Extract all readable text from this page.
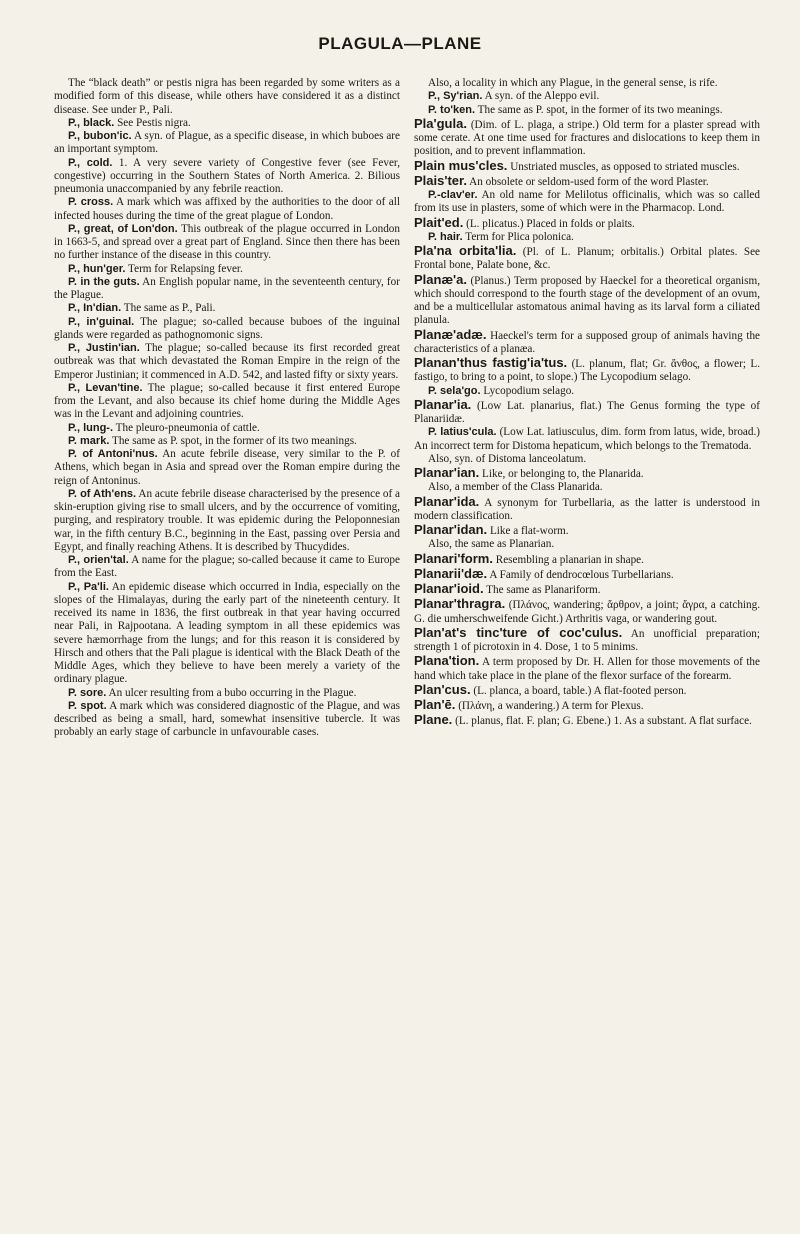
PLAGULA—PLANE

The “black death” or pestis nigra has been regarded by some writers as a modified form of this disease, while others have considered it as a distinct disease. See under P., Pali.

P., black. See Pestis nigra.

P., bubon'ic. A syn. of Plague, as a specific disease, in which buboes are an important symptom.

P., cold. 1. A very severe variety of Congestive fever (see Fever, congestive) occurring in the Southern States of North America. 2. Bilious pneumonia unaccompanied by any febrile reaction.

P. cross. A mark which was affixed by the authorities to the door of all infected houses during the time of the great plague of London.

P., great, of Lon'don. This outbreak of the plague occurred in London in 1663-5, and spread over a great part of England. Since then there has been no further instance of the disease in this country.

P., hun'ger. Term for Relapsing fever.

P. in the guts. An English popular name, in the seventeenth century, for the Plague.

P., In'dian. The same as P., Pali.

P., in'guinal. The plague; so-called because buboes of the inguinal glands were regarded as pathognomonic signs.

P., Justin'ian. The plague; so-called because its first recorded great outbreak was that which devastated the Roman Empire in the reign of the Emperor Justinian; it commenced in A.D. 542, and lasted fifty or sixty years.

P., Levan'tine. The plague; so-called because it first entered Europe from the Levant, and also because its chief home during the Middle Ages was in the Levant and adjoining countries.

P., lung-. The pleuro-pneumonia of cattle.

P. mark. The same as P. spot, in the former of its two meanings.

P. of Antoni'nus. An acute febrile disease, very similar to the P. of Athens, which began in Asia and spread over the Roman empire during the reign of Antoninus.

P. of Ath'ens. An acute febrile disease characterised by the presence of a skin-eruption giving rise to small ulcers, and by the occurrence of vomiting, purging, and respiratory trouble. It was epidemic during the Peloponnesian war, in the fifth century B.C., beginning in the East, passing over Persia and Egypt, and finally reaching Athens. It is described by Thucydides.

P., orien'tal. A name for the plague; so-called because it came to Europe from the East.

P., Pa'li. An epidemic disease which occurred in India, especially on the slopes of the Himalayas, during the early part of the nineteenth century. It received its name in 1836, the first outbreak in that year having occurred near Pali, in Rajpootana. A leading symptom in all these epidemics was severe hæmorrhage from the lungs; and for this reason it is considered by Hirsch and others that the Pali plague is identical with the Black Death of the Middle Ages, which they believe to have been merely a variety of the ordinary plague.

P. sore. An ulcer resulting from a bubo occurring in the Plague.

P. spot. A mark which was considered diagnostic of the Plague, and was described as being a small, hard, somewhat insensitive tubercle. It was probably an early stage of carbuncle in unfavourable cases.

Also, a locality in which any Plague, in the general sense, is rife.

P., Sy'rian. A syn. of the Aleppo evil.

P. to'ken. The same as P. spot, in the former of its two meanings.

Pla'gula. (Dim. of L. plaga, a stripe.) Old term for a plaster spread with some cerate. At one time used for fractures and dislocations to keep them in position, and to prevent inflammation.

Plain mus'cles. Unstriated muscles, as opposed to striated muscles.

Plais'ter. An obsolete or seldom-used form of the word Plaster.

P.-clav'er. An old name for Melilotus officinalis, which was so called from its use in plasters, some of which were in the Pharmacop. Lond.

Plait'ed. (L. plicatus.) Placed in folds or plaits.

P. hair. Term for Plica polonica.

Pla'na orbita'lia. (Pl. of L. Planum; orbitalis.) Orbital plates. See Frontal bone, Palate bone, &c.

Planæ'a. (Planus.) Term proposed by Haeckel for a theoretical organism, which should correspond to the fourth stage of the development of an ovum, and be a multicellular astomatous animal having as its larval form a ciliated planula.

Planæ'adæ. Haeckel's term for a supposed group of animals having the characteristics of a planæa.

Planan'thus fastig'ia'tus. (L. planum, flat; Gr. ἄνθος, a flower; L. fastigo, to bring to a point, to slope.) The Lycopodium selago.

P. sela'go. Lycopodium selago.

Planar'ia. (Low Lat. planarius, flat.) The Genus forming the type of Planariidæ.

P. latius'cula. (Low Lat. latiusculus, dim. form from latus, wide, broad.) An incorrect term for Distoma hepaticum, which belongs to the Trematoda.

Also, syn. of Distoma lanceolatum.

Planar'ian. Like, or belonging to, the Planarida.

Also, a member of the Class Planarida.

Planar'ida. A synonym for Turbellaria, as the latter is understood in modern classification.

Planar'idan. Like a flat-worm.

Also, the same as Planarian.

Planari'form. Resembling a planarian in shape.

Planarii'dæ. A Family of dendrocœlous Turbellarians.

Planar'ioid. The same as Planariform.

Planar'thragra. (Πλάνος, wandering; ἄρθρον, a joint; ἄγρα, a catching. G. die umherschweifende Gicht.) Arthritis vaga, or wandering gout.

Plan'at's tinc'ture of coc'culus. An unofficial preparation; strength 1 of picrotoxin in 4. Dose, 1 to 5 minims.

Plana'tion. A term proposed by Dr. H. Allen for those movements of the hand which take place in the plane of the flexor surface of the forearm.

Plan'cus. (L. planca, a board, table.) A flat-footed person.

Plan'ē. (Πλάνη, a wandering.) A term for Plexus.

Plane. (L. planus, flat. F. plan; G. Ebene.) 1. As a substant. A flat surface.
